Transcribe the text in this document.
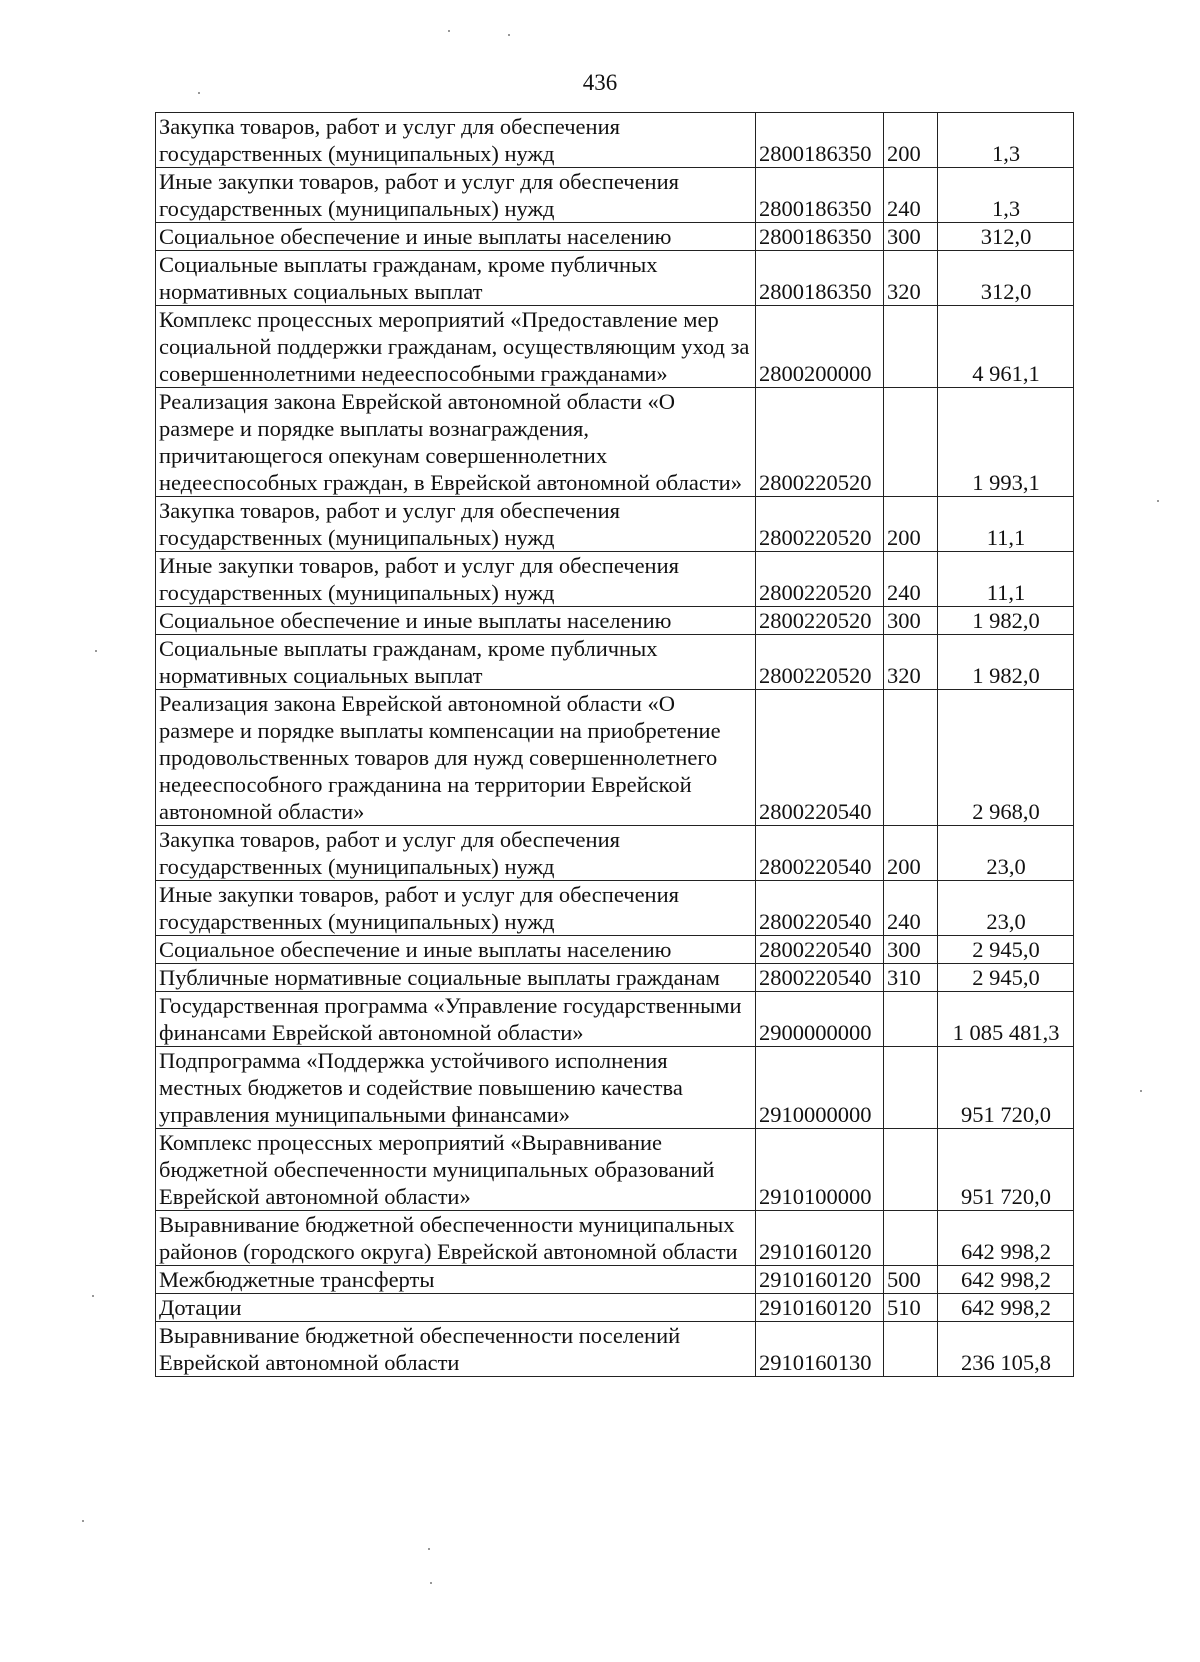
436
Закупка товаров, работ и услуг для обеспечения государственных (муниципальных) нужд	2800186350	200	1,3
Иные закупки товаров, работ и услуг для обеспечения государственных (муниципальных) нужд	2800186350	240	1,3
Социальное обеспечение и иные выплаты населению	2800186350	300	312,0
Социальные выплаты гражданам, кроме публичных нормативных социальных выплат	2800186350	320	312,0
Комплекс процессных мероприятий «Предоставление мер социальной поддержки гражданам, осуществляющим уход за совершеннолетними недееспособными гражданами»	2800200000		4 961,1
Реализация закона Еврейской автономной области «О размере и порядке выплаты вознаграждения, причитающегося опекунам совершеннолетних недееспособных граждан, в Еврейской автономной области»	2800220520		1 993,1
Закупка товаров, работ и услуг для обеспечения государственных (муниципальных) нужд	2800220520	200	11,1
Иные закупки товаров, работ и услуг для обеспечения государственных (муниципальных) нужд	2800220520	240	11,1
Социальное обеспечение и иные выплаты населению	2800220520	300	1 982,0
Социальные выплаты гражданам, кроме публичных нормативных социальных выплат	2800220520	320	1 982,0
Реализация закона Еврейской автономной области «О размере и порядке выплаты компенсации на приобретение продовольственных товаров для нужд совершеннолетнего недееспособного гражданина на территории Еврейской автономной области»	2800220540		2 968,0
Закупка товаров, работ и услуг для обеспечения государственных (муниципальных) нужд	2800220540	200	23,0
Иные закупки товаров, работ и услуг для обеспечения государственных (муниципальных) нужд	2800220540	240	23,0
Социальное обеспечение и иные выплаты населению	2800220540	300	2 945,0
Публичные нормативные социальные выплаты гражданам	2800220540	310	2 945,0
Государственная программа «Управление государственными финансами Еврейской автономной области»	2900000000		1 085 481,3
Подпрограмма «Поддержка устойчивого исполнения местных бюджетов и содействие повышению качества управления муниципальными финансами»	2910000000		951 720,0
Комплекс процессных мероприятий «Выравнивание бюджетной обеспеченности муниципальных образований Еврейской автономной области»	2910100000		951 720,0
Выравнивание бюджетной обеспеченности муниципальных районов (городского округа) Еврейской автономной области	2910160120		642 998,2
Межбюджетные трансферты	2910160120	500	642 998,2
Дотации	2910160120	510	642 998,2
Выравнивание бюджетной обеспеченности поселений Еврейской автономной области	2910160130		236 105,8
